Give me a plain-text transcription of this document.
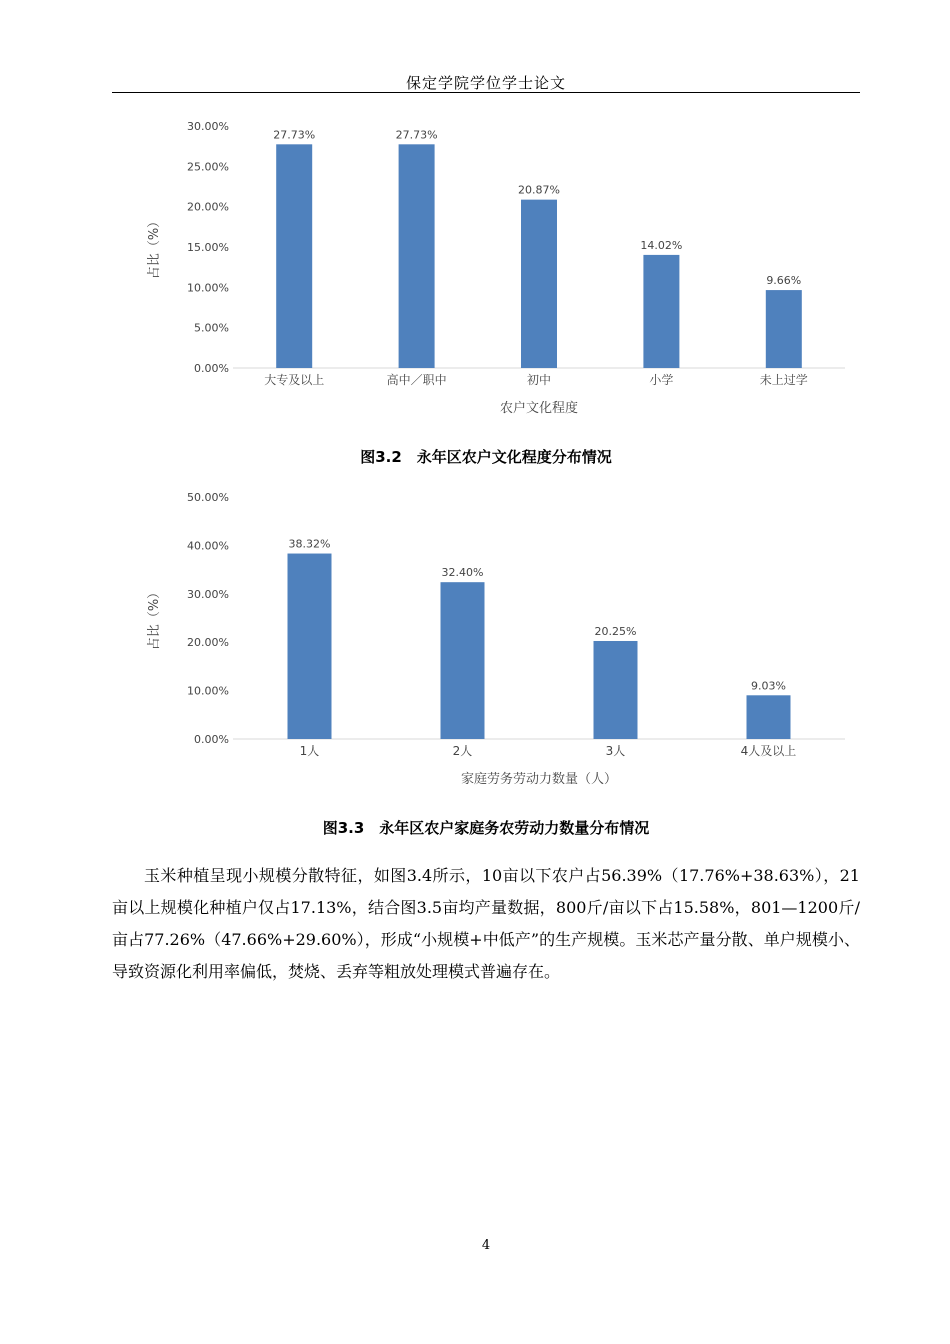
保定学院学位学士论文
0.00%
5.00%
10.00%
15.00%
20.00%
25.00%
30.00%
27.73%
大专及以上
27.73%
高中／职中
20.87%
初中
14.02%
小学
9.66%
未上过学
农户文化程度
占比（%）
图3.2　永年区农户文化程度分布情况
0.00%
10.00%
20.00%
30.00%
40.00%
50.00%
38.32%
1人
32.40%
2人
20.25%
3人
9.03%
4人及以上
家庭劳务劳动力数量（人）
占比（%）
图3.3　永年区农户家庭务农劳动力数量分布情况

玉米种植呈现小规模分散特征，如图3.4所示，10亩以下农户占56.39%（17.76%+38.63%），21亩以上规模化种植户仅占17.13%，结合图3.5亩均产量数据，800斤/亩以下占15.58%，801—1200斤/亩占77.26%（47.66%+29.60%），形成“小规模+中低产”的生产规模。玉米芯产量分散、单户规模小、导致资源化利用率偏低，焚烧、丢弃等粗放处理模式普遍存在。

4
